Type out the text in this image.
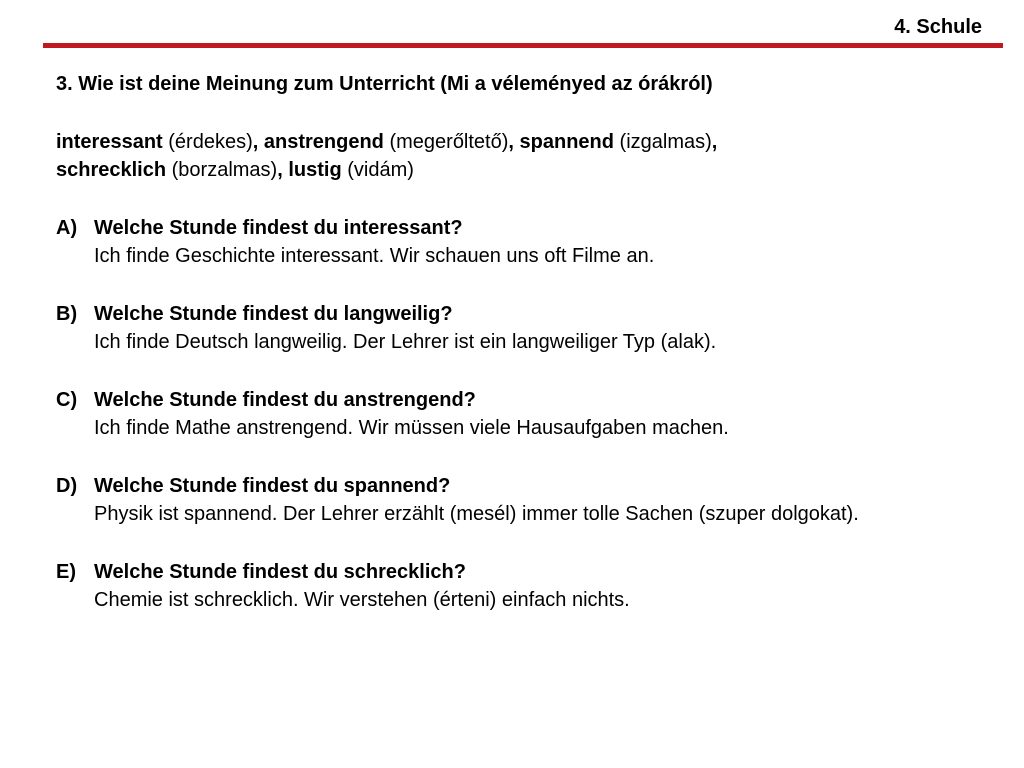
4. Schule
3. Wie ist deine Meinung zum Unterricht (Mi a véleményed az órákról)
interessant (érdekes), anstrengend (megerőltető), spannend (izgalmas),
schrecklich (borzalmas), lustig (vidám)
A) Welche Stunde findest du interessant?
Ich finde Geschichte interessant. Wir schauen uns oft Filme an.
B) Welche Stunde findest du langweilig?
Ich finde Deutsch langweilig. Der Lehrer ist ein langweiliger Typ (alak).
C) Welche Stunde findest du anstrengend?
Ich finde Mathe anstrengend. Wir müssen viele Hausaufgaben machen.
D) Welche Stunde findest du spannend?
Physik ist spannend. Der Lehrer erzählt (mesél) immer tolle Sachen (szuper dolgokat).
E) Welche Stunde findest du schrecklich?
Chemie ist schrecklich. Wir verstehen (érteni) einfach nichts.
